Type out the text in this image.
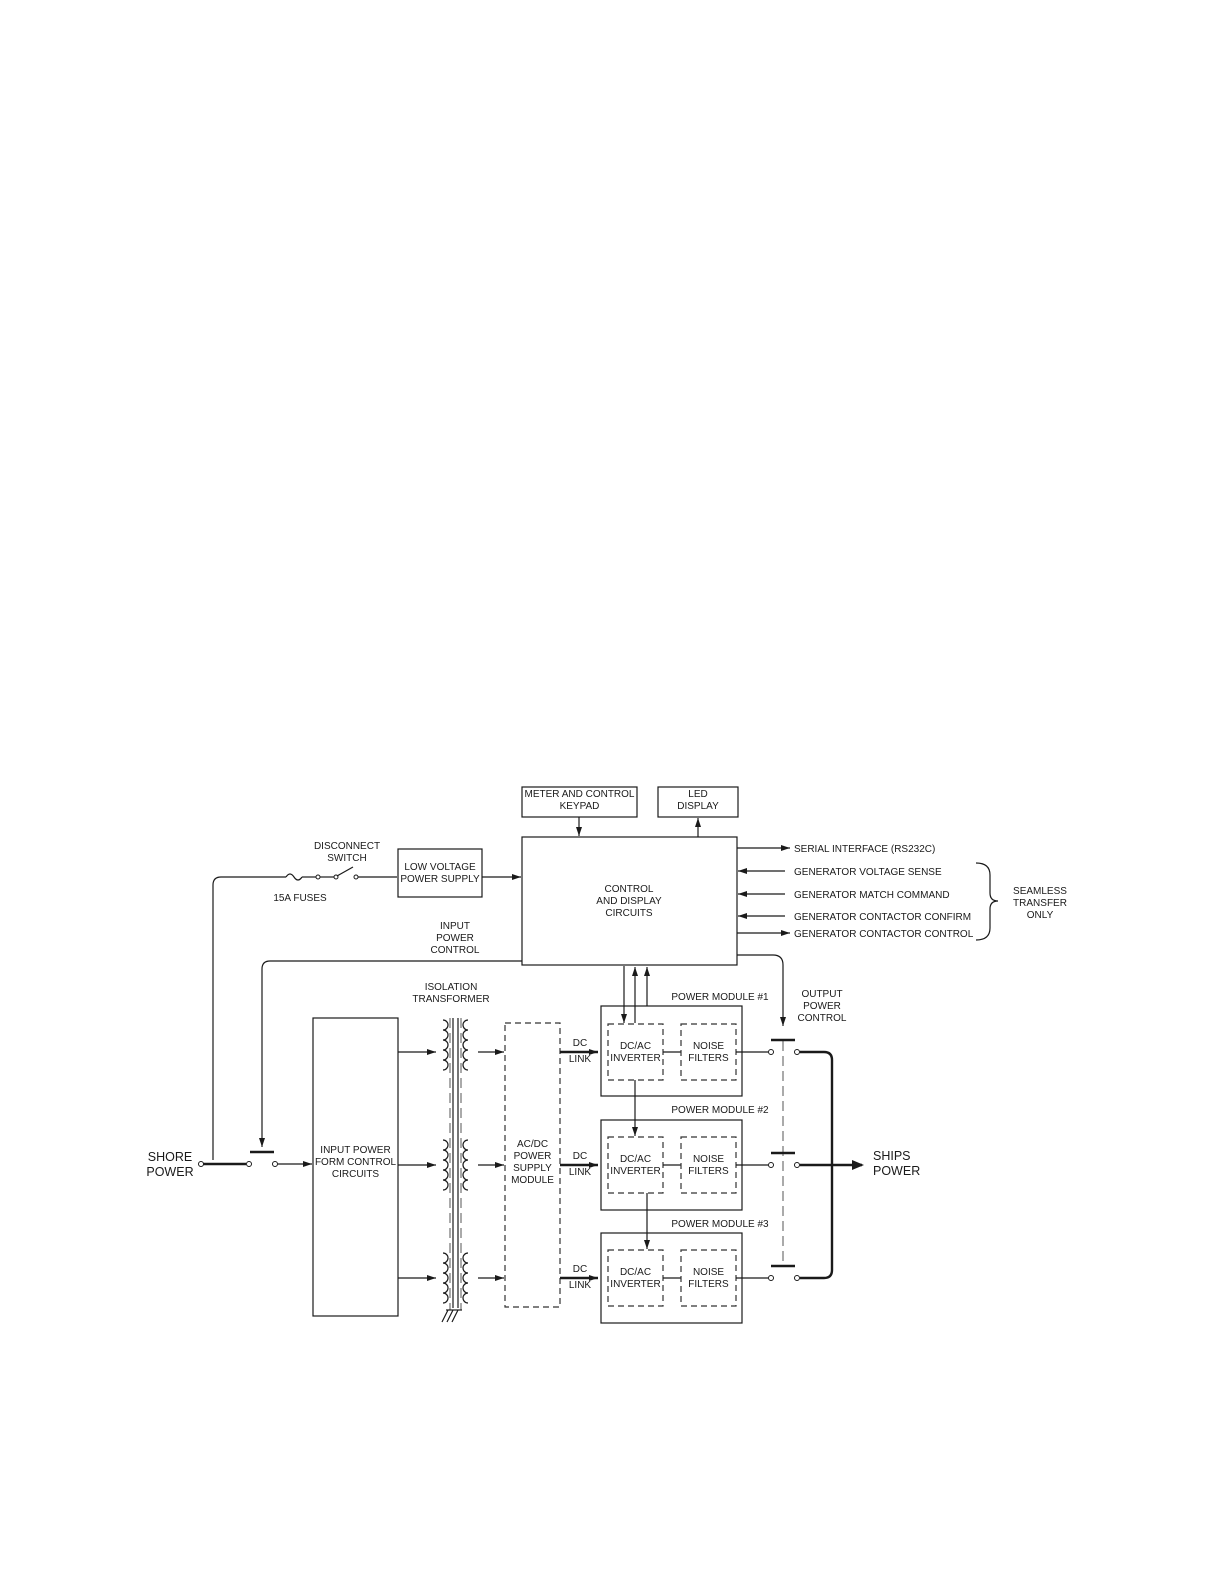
METER AND CONTROL
KEYPAD
LED
DISPLAY
CONTROL
AND DISPLAY
CIRCUITS
SERIAL INTERFACE (RS232C)
GENERATOR VOLTAGE SENSE
GENERATOR MATCH COMMAND
GENERATOR CONTACTOR CONFIRM
GENERATOR CONTACTOR CONTROL
SEAMLESS
TRANSFER
ONLY
LOW VOLTAGE
POWER SUPPLY
DISCONNECT
SWITCH
15A FUSES
INPUT
POWER
CONTROL
SHORE
POWER
INPUT POWER
FORM CONTROL
CIRCUITS
ISOLATION
TRANSFORMER
AC/DC
POWER
SUPPLY
MODULE
DC
LINK
DC
LINK
DC
LINK
POWER MODULE #1
DC/AC
INVERTER
NOISE
FILTERS
POWER MODULE #2
DC/AC
INVERTER
NOISE
FILTERS
POWER MODULE #3
DC/AC
INVERTER
NOISE
FILTERS
OUTPUT
POWER
CONTROL
SHIPS
POWER
